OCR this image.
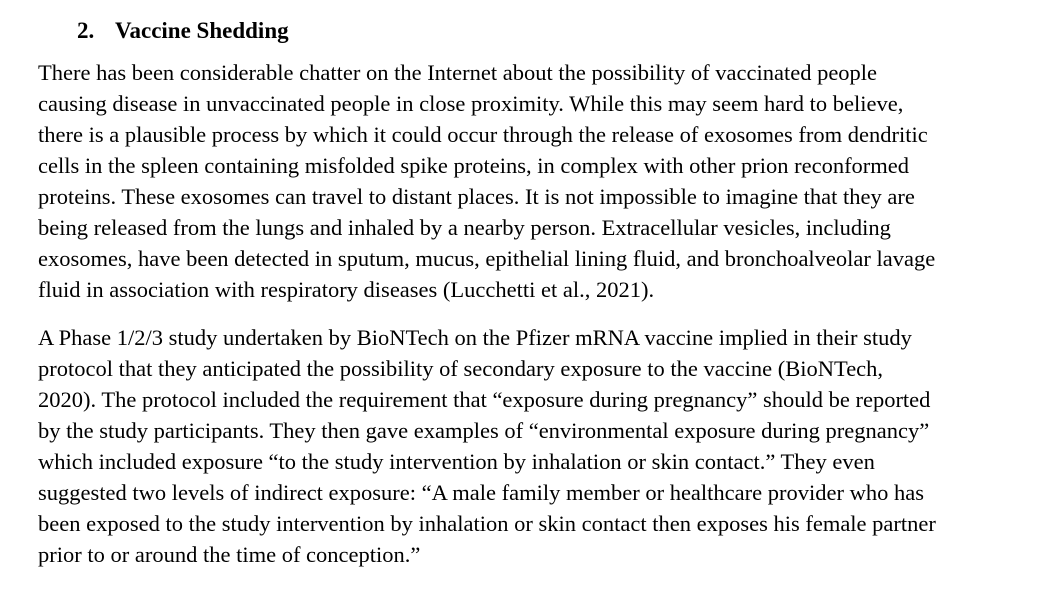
2. Vaccine Shedding
There has been considerable chatter on the Internet about the possibility of vaccinated people
causing disease in unvaccinated people in close proximity. While this may seem hard to believe,
there is a plausible process by which it could occur through the release of exosomes from dendritic
cells in the spleen containing misfolded spike proteins, in complex with other prion reconformed
proteins. These exosomes can travel to distant places. It is not impossible to imagine that they are
being released from the lungs and inhaled by a nearby person. Extracellular vesicles, including
exosomes, have been detected in sputum, mucus, epithelial lining fluid, and bronchoalveolar lavage
fluid in association with respiratory diseases (Lucchetti et al., 2021).
A Phase 1/2/3 study undertaken by BioNTech on the Pfizer mRNA vaccine implied in their study
protocol that they anticipated the possibility of secondary exposure to the vaccine (BioNTech,
2020). The protocol included the requirement that “exposure during pregnancy” should be reported
by the study participants. They then gave examples of “environmental exposure during pregnancy”
which included exposure “to the study intervention by inhalation or skin contact.” They even
suggested two levels of indirect exposure: “A male family member or healthcare provider who has
been exposed to the study intervention by inhalation or skin contact then exposes his female partner
prior to or around the time of conception.”
